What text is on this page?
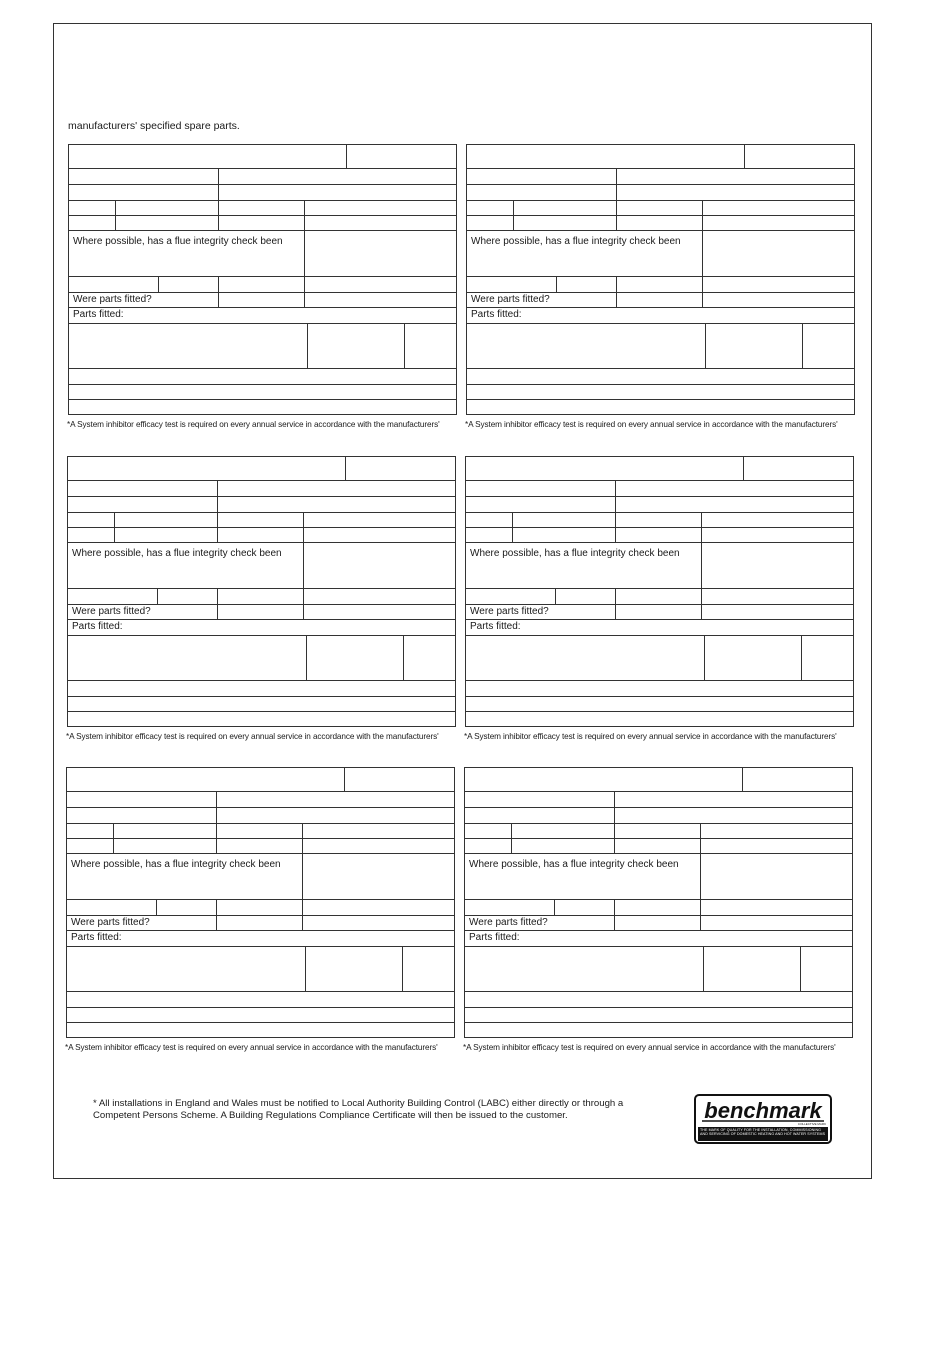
manufacturers' specified spare parts.
Where possible, has a flue integrity check been
Were parts fitted?
Parts fitted:
*A System inhibitor efficacy test is required on every annual service in accordance with the manufacturers'
Where possible, has a flue integrity check been
Were parts fitted?
Parts fitted:
*A System inhibitor efficacy test is required on every annual service in accordance with the manufacturers'
Where possible, has a flue integrity check been
Were parts fitted?
Parts fitted:
*A System inhibitor efficacy test is required on every annual service in accordance with the manufacturers'
Where possible, has a flue integrity check been
Were parts fitted?
Parts fitted:
*A System inhibitor efficacy test is required on every annual service in accordance with the manufacturers'
Where possible, has a flue integrity check been
Were parts fitted?
Parts fitted:
*A System inhibitor efficacy test is required on every annual service in accordance with the manufacturers'
Where possible, has a flue integrity check been
Were parts fitted?
Parts fitted:
*A System inhibitor efficacy test is required on every annual service in accordance with the manufacturers'
* All installations in England and Wales must be notified to Local Authority Building Control (LABC) either directly or through a Competent Persons Scheme. A Building Regulations Compliance Certificate will then be issued to the customer.	benchmark
COLLECTIVE MARK
THE MARK OF QUALITY FOR THE INSTALLATION, COMMISSIONING AND SERVICING OF DOMESTIC HEATING AND HOT WATER SYSTEMS
